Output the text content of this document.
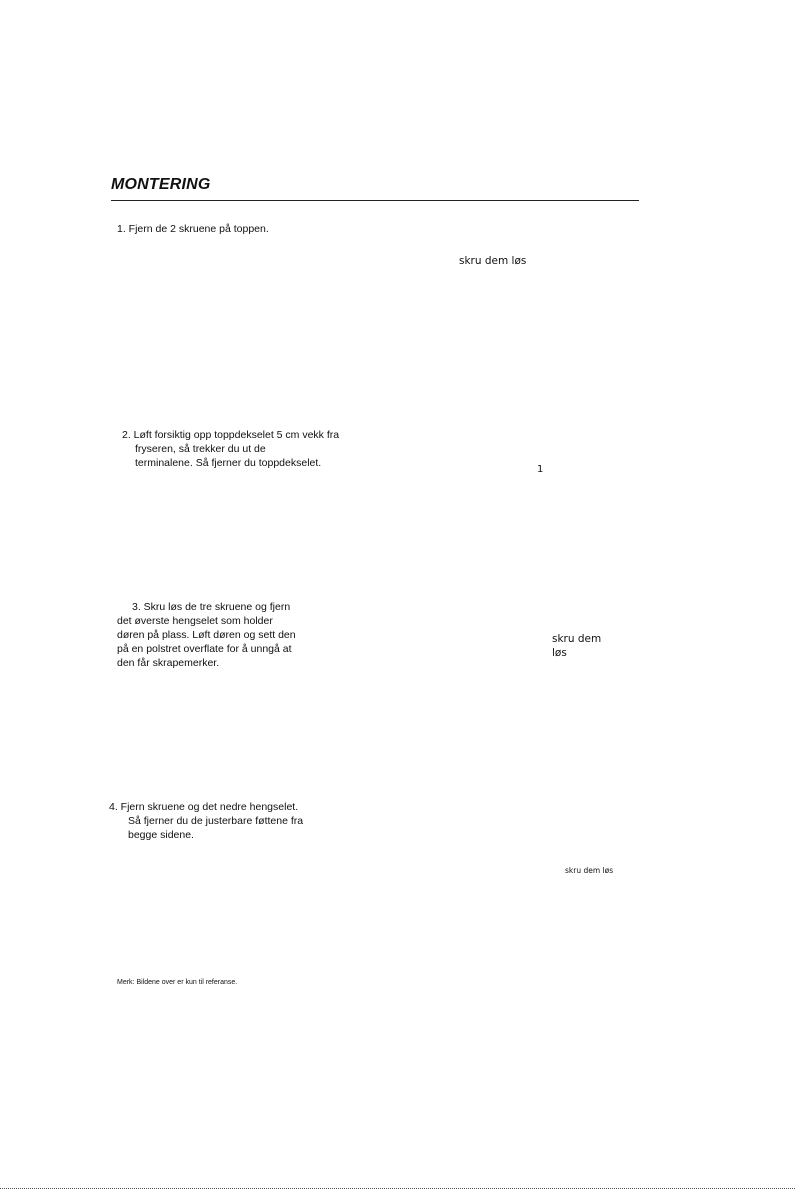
MONTERING
1. Fjern de 2 skruene på toppen.
skru dem løs
2. Løft forsiktig opp toppdekselet 5 cm vekk fra
fryseren, så trekker du ut de
terminalene. Så fjerner du toppdekselet.
1
3. Skru løs de tre skruene og fjern
det øverste hengselet som holder
døren på plass. Løft døren og sett den
på en polstret overflate for å unngå at
den får skrapemerker.
skru dem
løs
4. Fjern skruene og det nedre hengselet.
Så fjerner du de justerbare føttene fra
begge sidene.
skru dem løs
Merk: Bildene over er kun til referanse.
